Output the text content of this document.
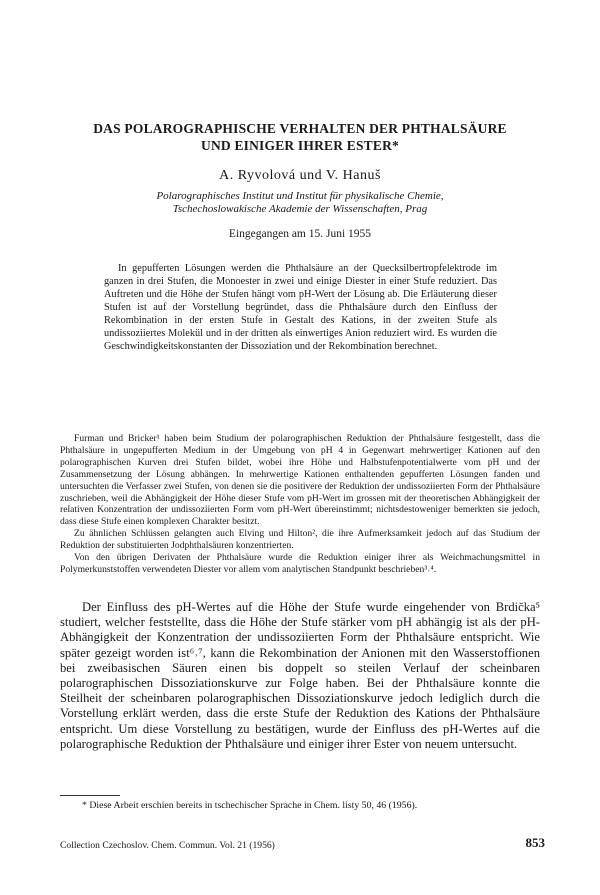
DAS POLAROGRAPHISCHE VERHALTEN DER PHTHALSÄURE
UND EINIGER IHRER ESTER*
A. Ryvolová und V. Hanuš
Polarographisches Institut und Institut für physikalische Chemie,
Tschechoslowakische Akademie der Wissenschaften, Prag
Eingegangen am 15. Juni 1955
In gepufferten Lösungen werden die Phthalsäure an der Quecksilbertropfelektrode im ganzen in drei Stufen, die Monoester in zwei und einige Diester in einer Stufe reduziert. Das Auftreten und die Höhe der Stufen hängt vom pH-Wert der Lösung ab. Die Erläuterung dieser Stufen ist auf der Vorstellung begründet, dass die Phthalsäure durch den Einfluss der Rekombination in der ersten Stufe in Gestalt des Kations, in der zweiten Stufe als undissoziiertes Molekül und in der dritten als einwertiges Anion reduziert wird. Es wurden die Geschwindigkeitskonstanten der Dissoziation und der Rekombination berechnet.

Furman und Bricker¹ haben beim Studium der polarographischen Reduktion der Phthalsäure festgestellt, dass die Phthalsäure in ungepufferten Medium in der Umgebung von pH 4 in Gegenwart mehrwertiger Kationen auf den polarographischen Kurven drei Stufen bildet, wobei ihre Höhe und Halbstufenpotentialwerte vom pH und der Zusammensetzung der Lösung abhängen. In mehrwertige Kationen enthaltenden gepufferten Lösungen fanden und untersuchten die Verfasser zwei Stufen, von denen sie die positivere der Reduktion der undissoziierten Form der Phthalsäure zuschrieben, weil die Abhängigkeit der Höhe dieser Stufe vom pH-Wert im grossen mit der theoretischen Abhängigkeit der relativen Konzentration der undissoziierten Form vom pH-Wert übereinstimmt; nichtsdestoweniger bemerkten sie jedoch, dass diese Stufe einen komplexen Charakter besitzt.

Zu ähnlichen Schlüssen gelangten auch Elving und Hilton², die ihre Aufmerksamkeit jedoch auf das Studium der Reduktion der substituierten Jodphthalsäuren konzentrierten.

Von den übrigen Derivaten der Phthalsäure wurde die Reduktion einiger ihrer als Weichmachungsmittel in Polymerkunststoffen verwendeten Diester vor allem vom analytischen Standpunkt beschrieben³˒⁴.

Der Einfluss des pH-Wertes auf die Höhe der Stufe wurde eingehender von Brdička⁵ studiert, welcher feststellte, dass die Höhe der Stufe stärker vom pH abhängig ist als der pH-Abhängigkeit der Konzentration der undissoziierten Form der Phthalsäure entspricht. Wie später gezeigt worden ist⁶˒⁷, kann die Rekombination der Anionen mit den Wasserstoffionen bei zweibasischen Säuren einen bis doppelt so steilen Verlauf der scheinbaren polarographischen Dissoziationskurve zur Folge haben. Bei der Phthalsäure konnte die Steilheit der scheinbaren polarographischen Dissoziationskurve jedoch lediglich durch die Vorstellung erklärt werden, dass die erste Stufe der Reduktion des Kations der Phthalsäure entspricht. Um diese Vorstellung zu bestätigen, wurde der Einfluss des pH-Wertes auf die polarographische Reduktion der Phthalsäure und einiger ihrer Ester von neuem untersucht.
* Diese Arbeit erschien bereits in tschechischer Sprache in Chem. listy 50, 46 (1956).
Collection Czechoslov. Chem. Commun. Vol. 21 (1956)	853
